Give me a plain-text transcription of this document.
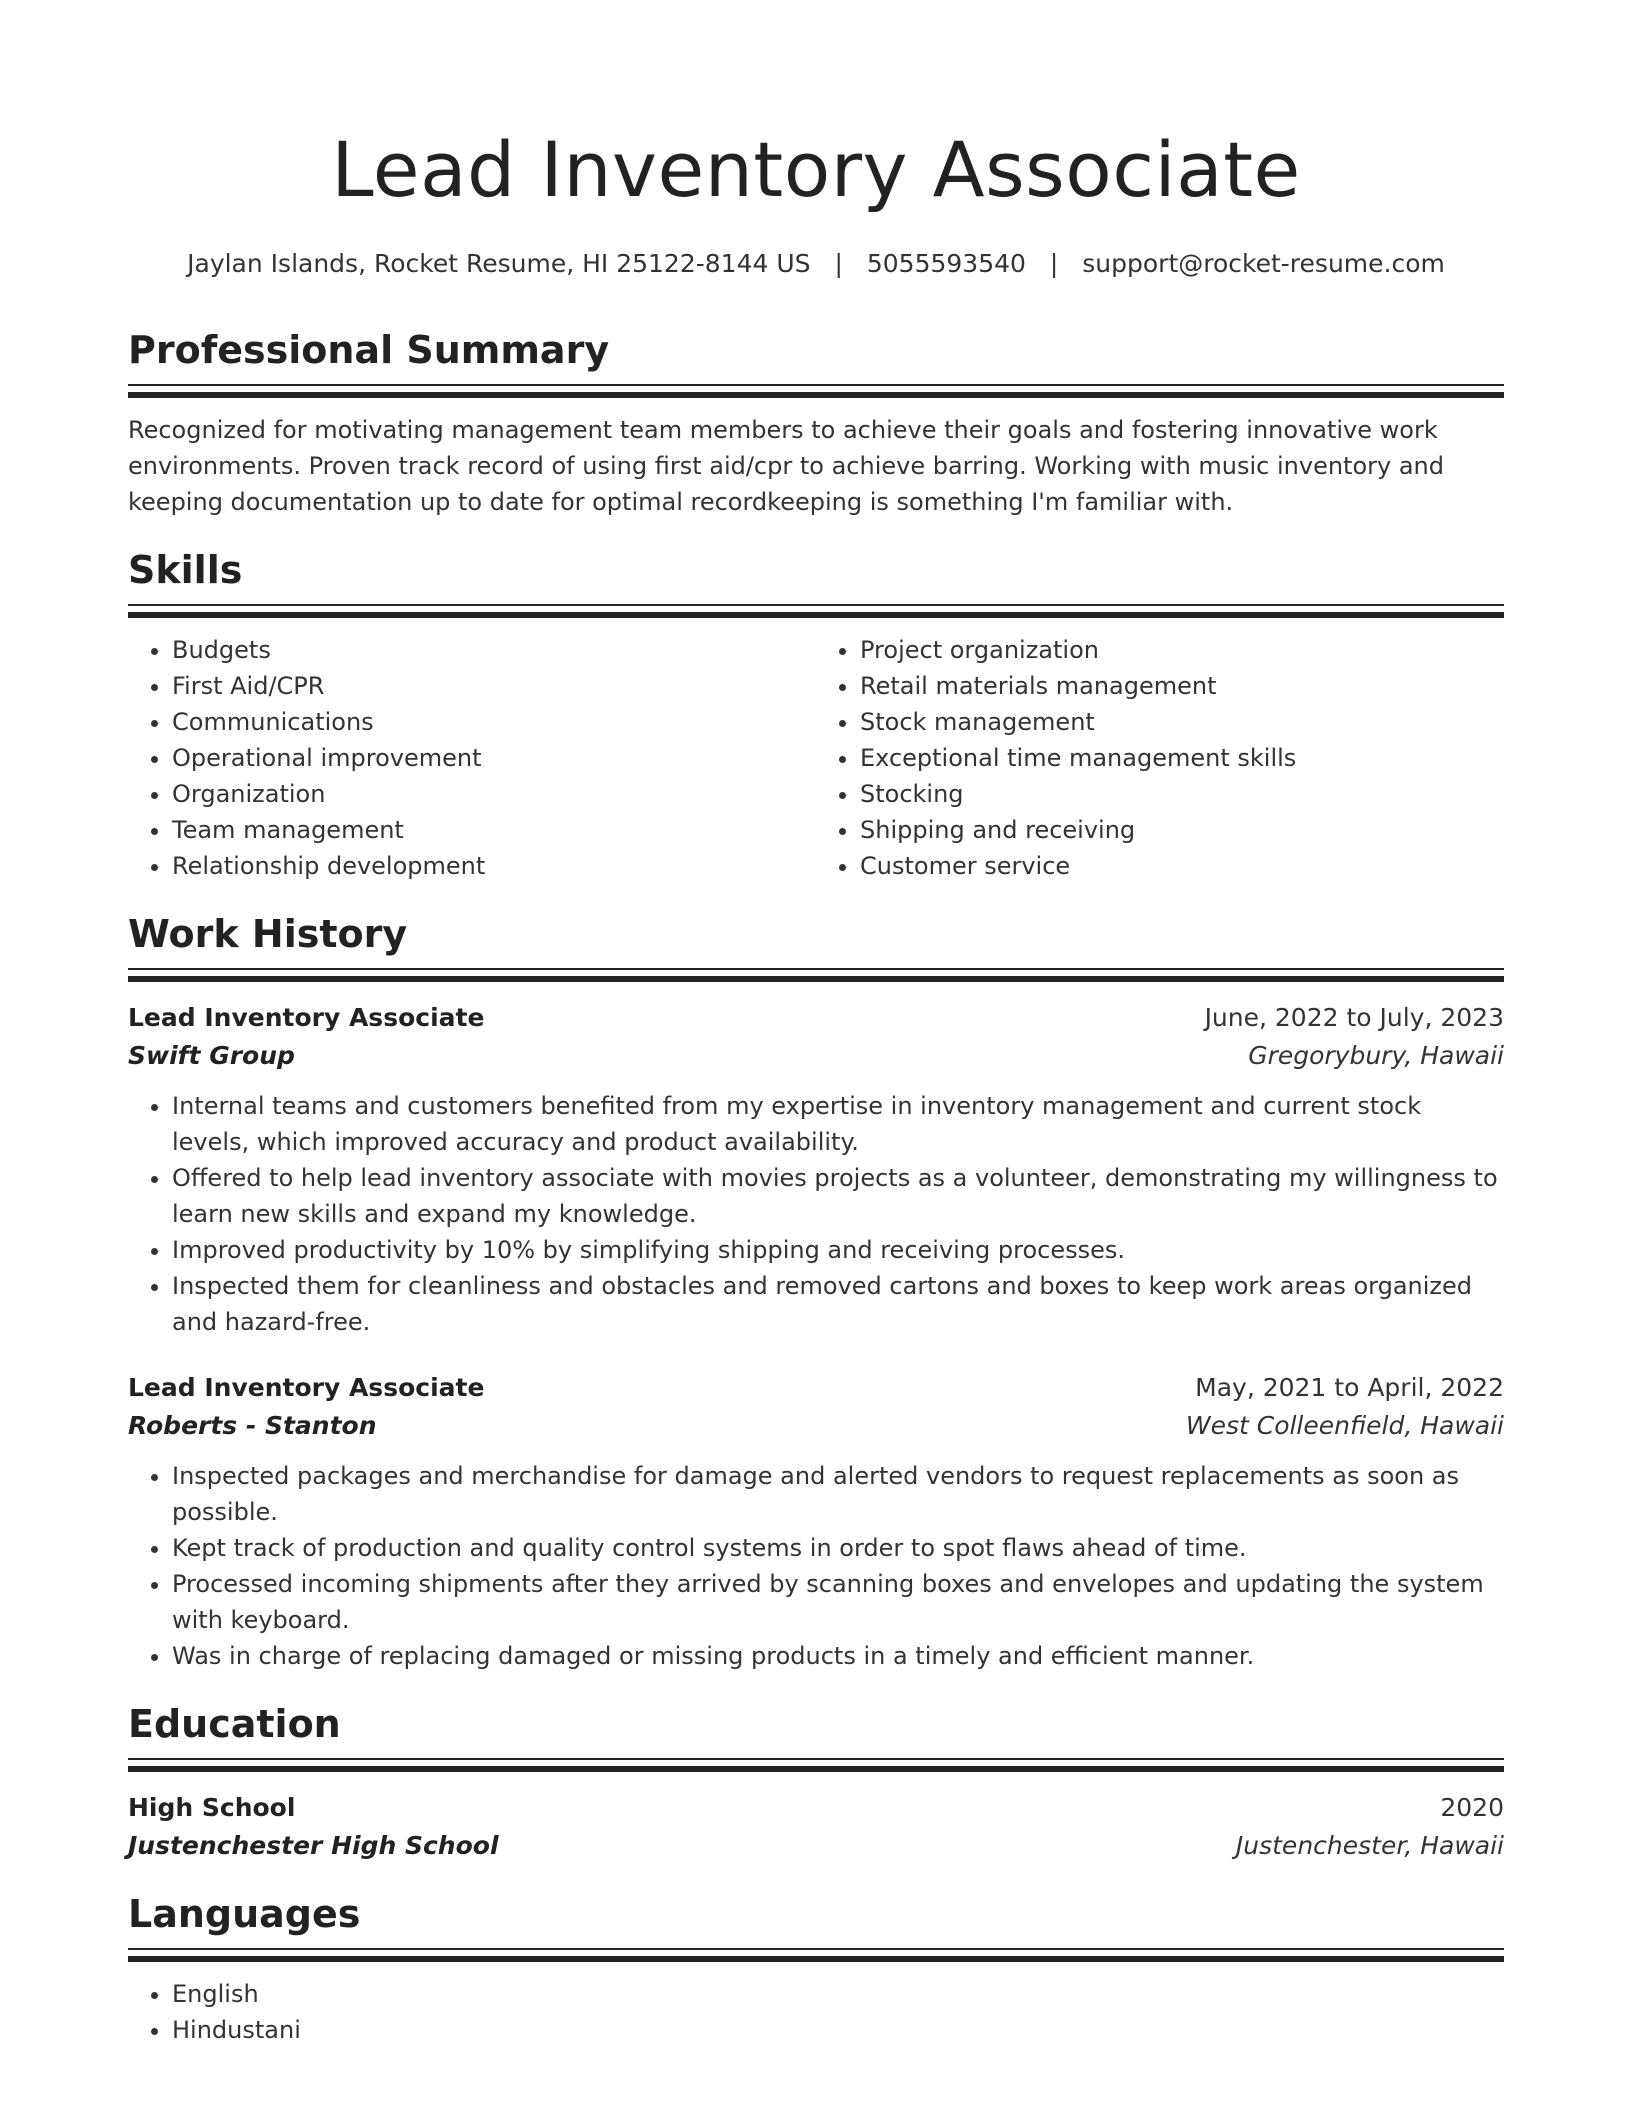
Lead Inventory Associate
Jaylan Islands, Rocket Resume, HI 25122-8144 US | 5055593540 | support@rocket-resume.com
Professional Summary
Recognized for motivating management team members to achieve their goals and fostering innovative work environments. Proven track record of using first aid/cpr to achieve barring. Working with music inventory and keeping documentation up to date for optimal recordkeeping is something I'm familiar with.
Skills
• Budgets
• First Aid/CPR
• Communications
• Operational improvement
• Organization
• Team management
• Relationship development
• Project organization
• Retail materials management
• Stock management
• Exceptional time management skills
• Stocking
• Shipping and receiving
• Customer service
Work History
Lead Inventory Associate	June, 2022 to July, 2023
Swift Group	Gregorybury, Hawaii
• Internal teams and customers benefited from my expertise in inventory management and current stock levels, which improved accuracy and product availability.
• Offered to help lead inventory associate with movies projects as a volunteer, demonstrating my willingness to learn new skills and expand my knowledge.
• Improved productivity by 10% by simplifying shipping and receiving processes.
• Inspected them for cleanliness and obstacles and removed cartons and boxes to keep work areas organized and hazard-free.
Lead Inventory Associate	May, 2021 to April, 2022
Roberts - Stanton	West Colleenfield, Hawaii
• Inspected packages and merchandise for damage and alerted vendors to request replacements as soon as possible.
• Kept track of production and quality control systems in order to spot flaws ahead of time.
• Processed incoming shipments after they arrived by scanning boxes and envelopes and updating the system with keyboard.
• Was in charge of replacing damaged or missing products in a timely and efficient manner.
Education
High School	2020
Justenchester High School	Justenchester, Hawaii
Languages
• English
• Hindustani
